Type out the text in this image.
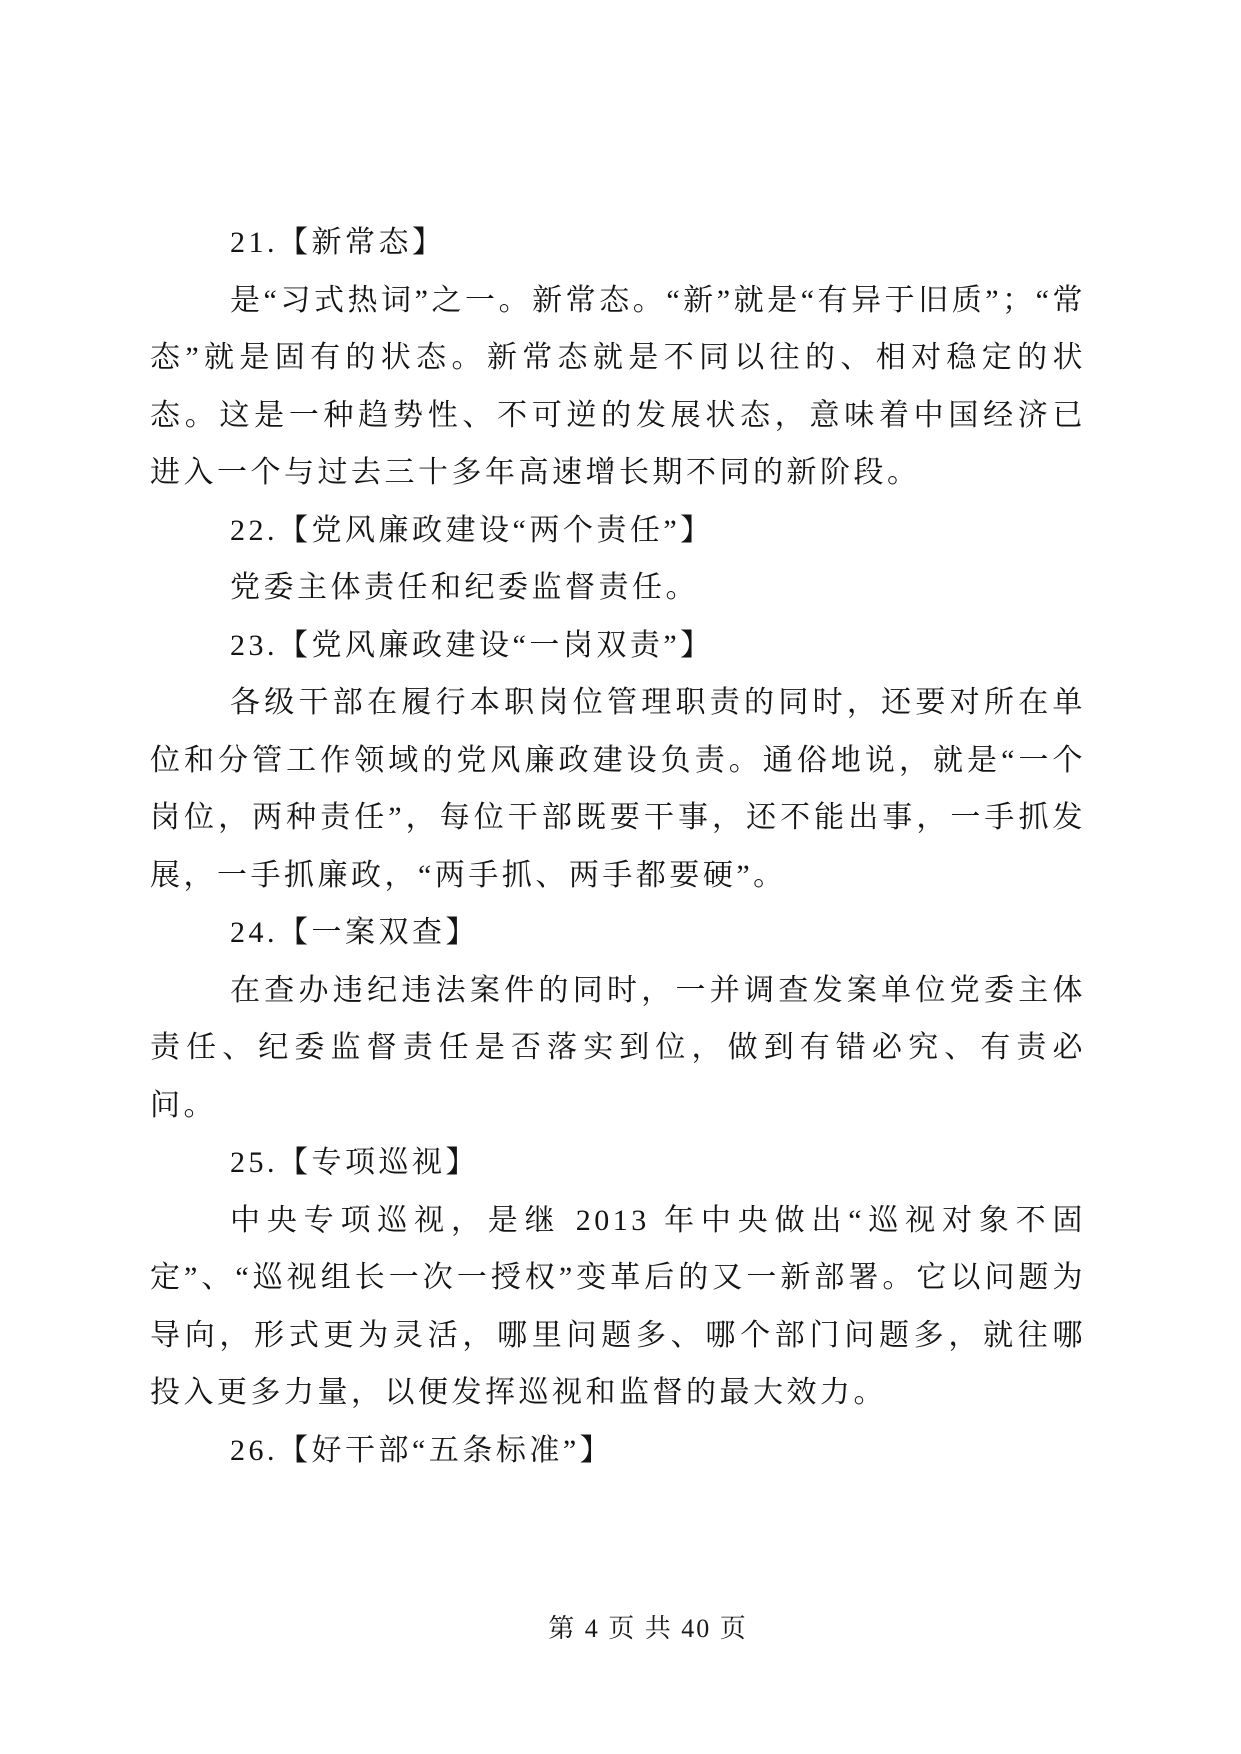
21.【新常态】

是“习式热词”之一。新常态。“新”就是“有异于旧质”；“常态”就是固有的状态。新常态就是不同以往的、相对稳定的状态。这是一种趋势性、不可逆的发展状态，意味着中国经济已进入一个与过去三十多年高速增长期不同的新阶段。

22.【党风廉政建设“两个责任”】

党委主体责任和纪委监督责任。

23.【党风廉政建设“一岗双责”】

各级干部在履行本职岗位管理职责的同时，还要对所在单位和分管工作领域的党风廉政建设负责。通俗地说，就是“一个岗位，两种责任”，每位干部既要干事，还不能出事，一手抓发展，一手抓廉政，“两手抓、两手都要硬”。

24.【一案双查】

在查办违纪违法案件的同时，一并调查发案单位党委主体责任、纪委监督责任是否落实到位，做到有错必究、有责必问。

25.【专项巡视】

中央专项巡视，是继 2013 年中央做出“巡视对象不固定”、“巡视组长一次一授权”变革后的又一新部署。它以问题为导向，形式更为灵活，哪里问题多、哪个部门问题多，就往哪投入更多力量，以便发挥巡视和监督的最大效力。

26.【好干部“五条标准”】

第 4 页 共 40 页
